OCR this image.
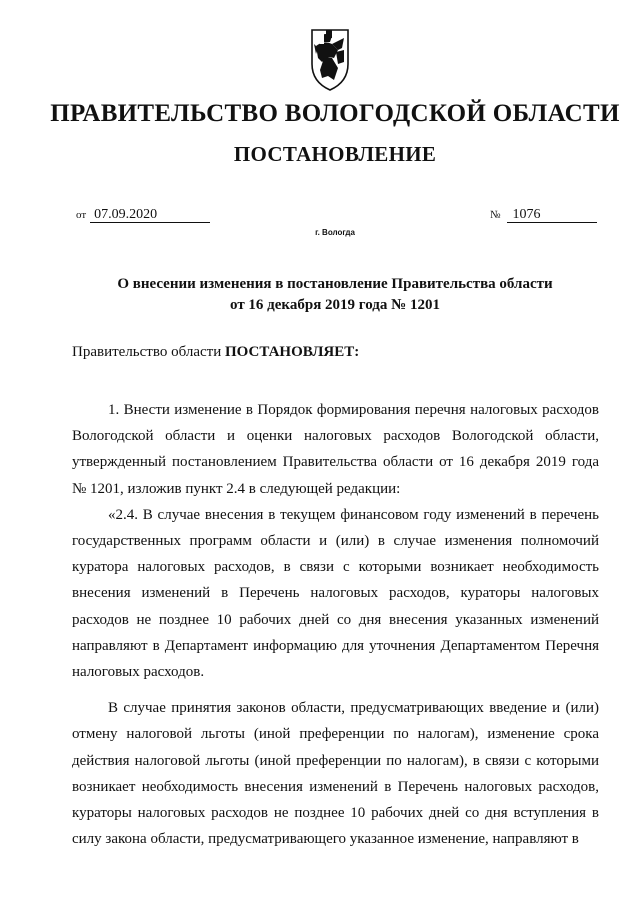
ПРАВИТЕЛЬСТВО ВОЛОГОДСКОЙ ОБЛАСТИ
ПОСТАНОВЛЕНИЕ
от 07.09.2020	№ 1076
г. Вологда
О внесении изменения в постановление Правительства области
от 16 декабря 2019 года № 1201
Правительство области ПОСТАНОВЛЯЕТ:

1. Внести изменение в Порядок формирования перечня налоговых расходов Вологодской области и оценки налоговых расходов Вологодской области, утвержденный постановлением Правительства области от 16 декабря 2019 года № 1201, изложив пункт 2.4 в следующей редакции:

«2.4. В случае внесения в текущем финансовом году изменений в перечень государственных программ области и (или) в случае изменения полномочий куратора налоговых расходов, в связи с которыми возникает необходимость внесения изменений в Перечень налоговых расходов, кураторы налоговых расходов не позднее 10 рабочих дней со дня внесения указанных изменений направляют в Департамент информацию для уточнения Департаментом Перечня налоговых расходов.

В случае принятия законов области, предусматривающих введение и (или) отмену налоговой льготы (иной преференции по налогам), изменение срока действия налоговой льготы (иной преференции по налогам), в связи с которыми возникает необходимость внесения изменений в Перечень налоговых расходов, кураторы налоговых расходов не позднее 10 рабочих дней со дня вступления в силу закона области, предусматривающего указанное изменение, направляют в
